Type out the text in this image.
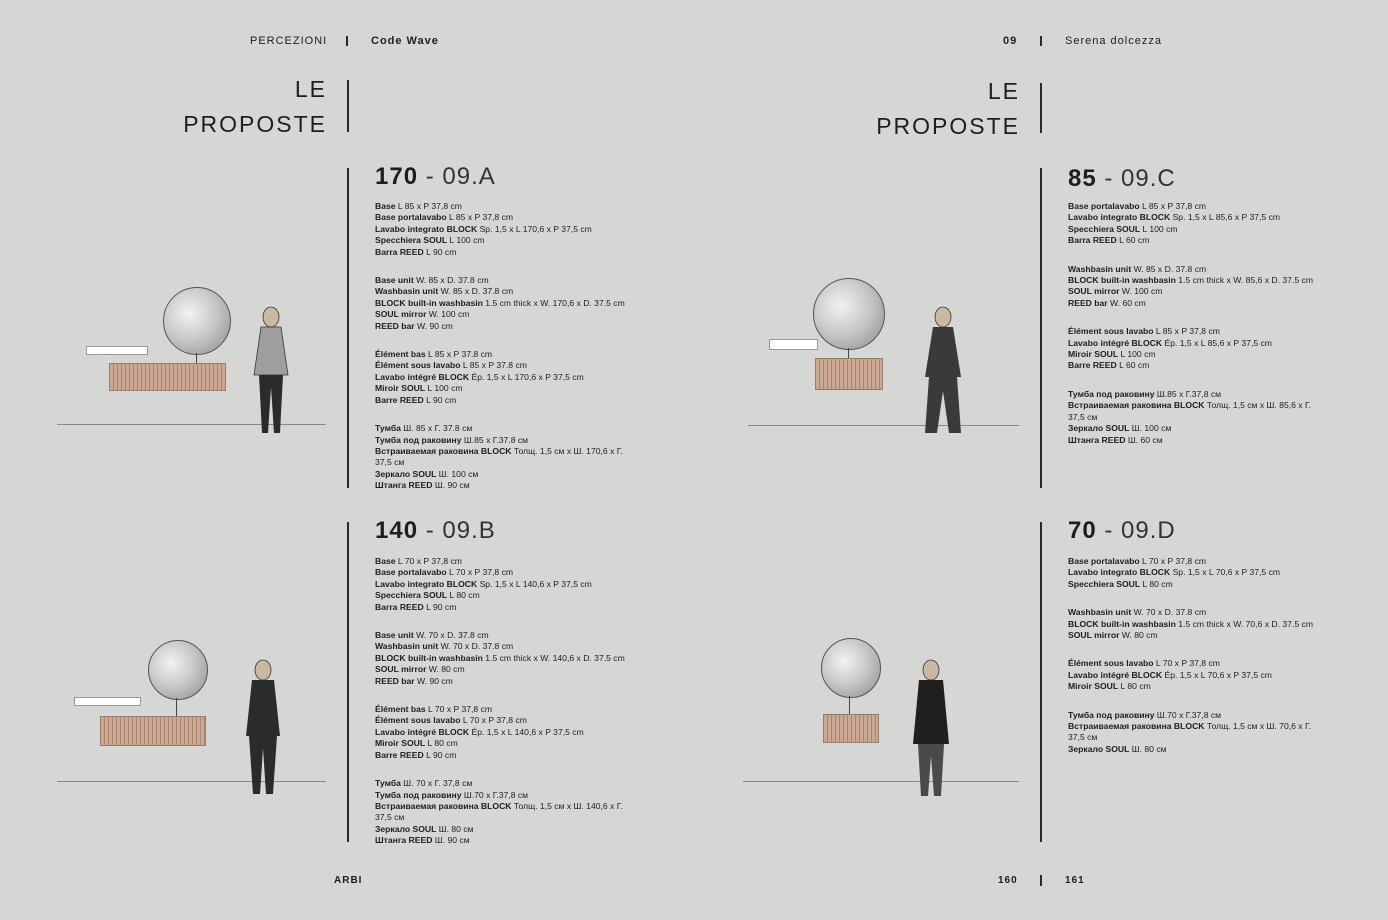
PERCEZIONI	Code Wave	09	Serena dolcezza
LE
PROPOSTE
LE
PROPOSTE
170 - 09.A
Base L 85 x P 37,8 cm
Base portalavabo L 85 x P 37,8 cm
Lavabo integrato BLOCK Sp. 1,5 x L 170,6 x P 37,5 cm
Specchiera SOUL L 100 cm
Barra REED L 90 cm
Base unit W. 85 x D. 37.8 cm
Washbasin unit W. 85 x D. 37.8 cm
BLOCK built-in washbasin 1.5 cm thick x W. 170,6 x D. 37.5 cm
SOUL mirror W. 100 cm
REED bar W. 90 cm
Élément bas L 85 x P 37.8 cm
Élément sous lavabo L 85 x P 37.8 cm
Lavabo intégré BLOCK Ép. 1,5 x L 170,6 x P 37,5 cm
Miroir SOUL L 100 cm
Barre REED L 90 cm
Тумба Ш. 85 x Г. 37.8 см
Тумба под раковину Ш.85 x Г.37.8 см
Встраиваемая раковина BLOCK Толщ. 1,5 см x Ш. 170,6 x Г. 37,5 см
Зеркало SOUL Ш. 100 см
Штанга REED Ш. 90 см
140 - 09.B
Base L 70 x P 37,8 cm
Base portalavabo L 70 x P 37,8 cm
Lavabo integrato BLOCK Sp. 1,5 x L 140,6 x P 37,5 cm
Specchiera SOUL L 80 cm
Barra REED L 90 cm
Base unit W. 70 x D. 37.8 cm
Washbasin unit W. 70 x D. 37.8 cm
BLOCK built-in washbasin 1.5 cm thick x W. 140,6 x D. 37.5 cm
SOUL mirror W. 80 cm
REED bar W. 90 cm
Élément bas L 70 x P 37,8 cm
Élément sous lavabo L 70 x P 37,8 cm
Lavabo intégré BLOCK Ép. 1,5 x L 140,6 x P 37,5 cm
Miroir SOUL L 80 cm
Barre REED L 90 cm
Тумба Ш. 70 x Г. 37,8 см
Тумба под раковину Ш.70 x Г.37,8 см
Встраиваемая раковина BLOCK Толщ. 1,5 см x Ш. 140,6 x Г. 37,5 см
Зеркало SOUL Ш. 80 см
Штанга REED Ш. 90 см
85 - 09.C
Base portalavabo L 85 x P 37,8 cm
Lavabo integrato BLOCK Sp. 1,5 x L 85,6 x P 37,5 cm
Specchiera SOUL L 100 cm
Barra REED L 60 cm
Washbasin unit W. 85 x D. 37.8 cm
BLOCK built-in washbasin 1.5 cm thick x W. 85,6 x D. 37.5 cm
SOUL mirror W. 100 cm
REED bar W. 60 cm
Élément sous lavabo L 85 x P 37,8 cm
Lavabo intégré BLOCK Ép. 1,5 x L 85,6 x P 37,5 cm
Miroir SOUL L 100 cm
Barre REED L 60 cm
Тумба под раковину Ш.85 x Г.37,8 см
Встраиваемая раковина BLOCK Толщ. 1,5 см x Ш. 85,6 x Г. 37,5 см
Зеркало SOUL Ш. 100 см
Штанга REED Ш. 60 см
70 - 09.D
Base portalavabo L 70 x P 37,8 cm
Lavabo integrato BLOCK Sp. 1,5 x L 70,6 x P 37,5 cm
Specchiera SOUL L 80 cm
Washbasin unit W. 70 x D. 37.8 cm
BLOCK built-in washbasin 1.5 cm thick x W. 70,6 x D. 37.5 cm
SOUL mirror W. 80 cm
Élément sous lavabo L 70 x P 37,8 cm
Lavabo intégré BLOCK Ép. 1,5 x L 70,6 x P 37,5 cm
Miroir SOUL L 80 cm
Тумба под раковину Ш.70 x Г.37,8 см
Встраиваемая раковина BLOCK Толщ. 1,5 см x Ш. 70,6 x Г. 37,5 см
Зеркало SOUL Ш. 80 см
ARBI	160	161
